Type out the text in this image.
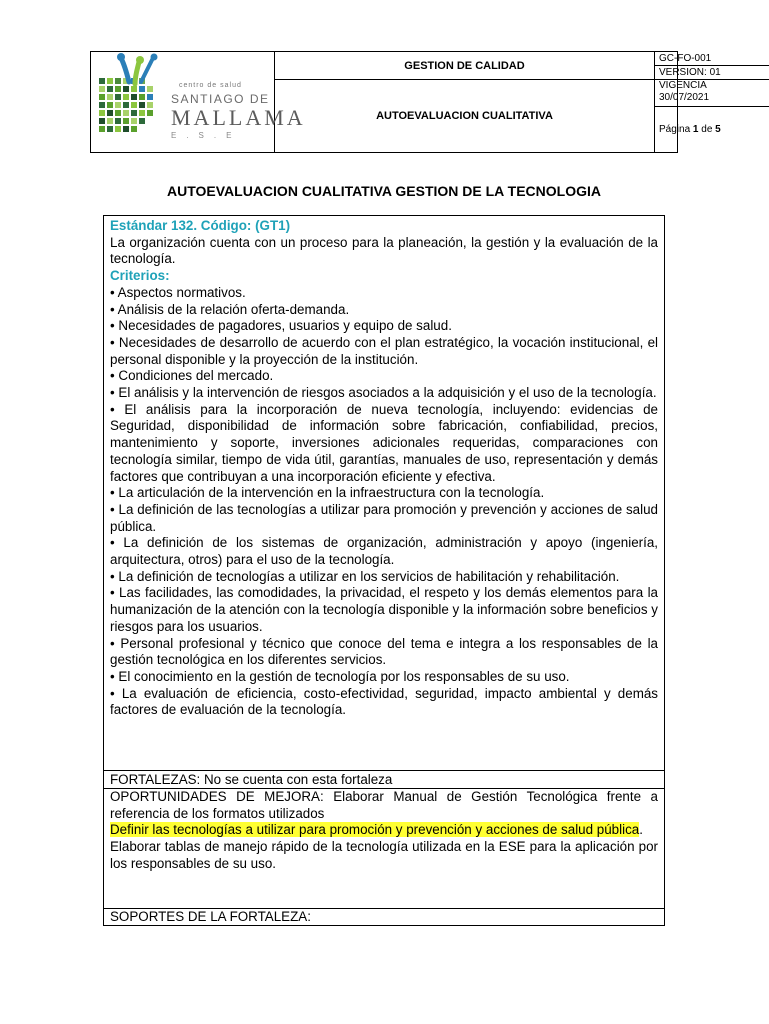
centro de salud
SANTIAGO DE
MALLAMA
E.S.E
GESTION DE CALIDAD
AUTOEVALUACION CUALITATIVA
GC-FO-001
VERSION: 01
VIGENCIA
30/07/2021
Página
1
de
5
AUTOEVALUACION CUALITATIVA GESTION DE LA TECNOLOGIA

Estándar 132. Código: (GT1)

La organización cuenta con un proceso para la planeación, la gestión y la evaluación de la tecnología.

Criterios:

• Aspectos normativos.

• Análisis de la relación oferta-demanda.

• Necesidades de pagadores, usuarios y equipo de salud.

• Necesidades de desarrollo de acuerdo con el plan estratégico, la vocación institucional, el personal disponible y la proyección de la institución.

• Condiciones del mercado.

• El análisis y la intervención de riesgos asociados a la adquisición y el uso de la tecnología.

• El análisis para la incorporación de nueva tecnología, incluyendo: evidencias de Seguridad, disponibilidad de información sobre fabricación, confiabilidad, precios, mantenimiento y soporte, inversiones adicionales requeridas, comparaciones con tecnología similar, tiempo de vida útil, garantías, manuales de uso, representación y demás factores que contribuyan a una incorporación eficiente y efectiva.

• La articulación de la intervención en la infraestructura con la tecnología.

• La definición de las tecnologías a utilizar para promoción y prevención y acciones de salud pública.

• La definición de los sistemas de organización, administración y apoyo (ingeniería, arquitectura, otros) para el uso de la tecnología.

• La definición de tecnologías a utilizar en los servicios de habilitación y rehabilitación.

• Las facilidades, las comodidades, la privacidad, el respeto y los demás elementos para la humanización de la atención con la tecnología disponible y la información sobre beneficios y riesgos para los usuarios.

• Personal profesional y técnico que conoce del tema e integra a los responsables de la gestión tecnológica en los diferentes servicios.

• El conocimiento en la gestión de tecnología por los responsables de su uso.

• La evaluación de eficiencia, costo-efectividad, seguridad, impacto ambiental y demás factores de evaluación de la tecnología.

FORTALEZAS: No se cuenta con esta fortaleza

OPORTUNIDADES DE MEJORA: Elaborar Manual de Gestión Tecnológica frente a referencia de los formatos utilizados

Definir las tecnologías a utilizar para promoción y prevención y acciones de salud pública.

Elaborar tablas de manejo rápido de la tecnología utilizada en la ESE para la aplicación por los responsables de su uso.

SOPORTES DE LA FORTALEZA:
